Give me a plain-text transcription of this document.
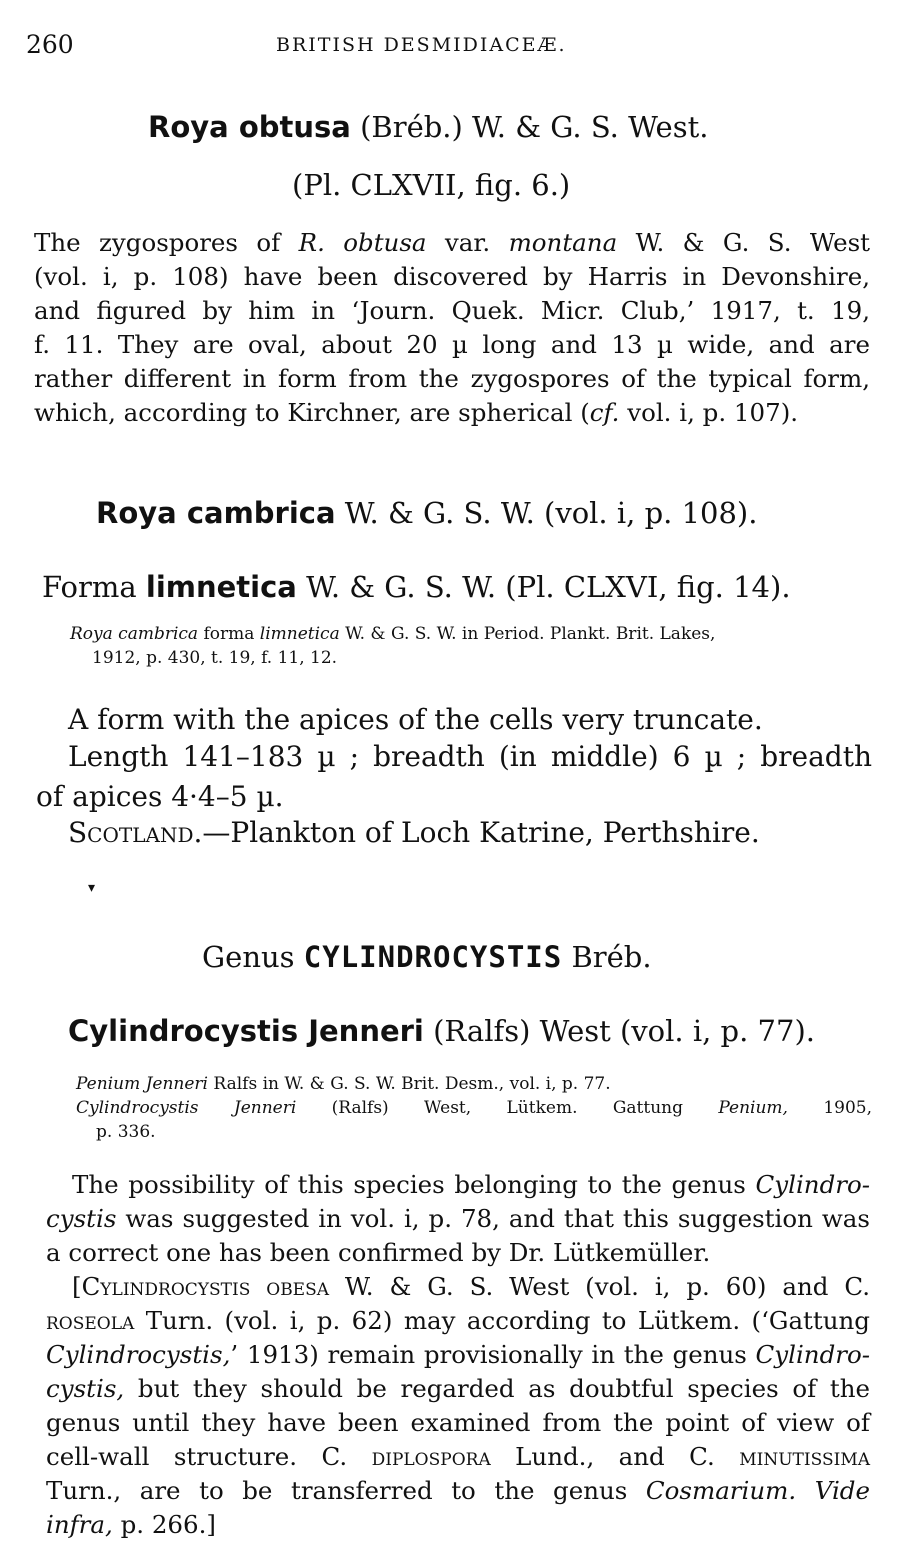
260	BRITISH DESMIDIACEÆ.
Roya obtusa (Bréb.) W. & G. S. West.
(Pl. CLXVII, fig. 6.)
The zygospores of R. obtusa var. montana W. & G. S. West
(vol. i, p. 108) have been discovered by Harris in Devonshire,
and figured by him in ‘Journ. Quek. Micr. Club,’ 1917, t. 19,
f. 11. They are oval, about 20 µ long and 13 µ wide, and are
rather different in form from the zygospores of the typical form,
which, according to Kirchner, are spherical (cf. vol. i, p. 107).
Roya cambrica W. & G. S. W. (vol. i, p. 108).
Forma limnetica W. & G. S. W. (Pl. CLXVI, fig. 14).
Roya cambrica forma limnetica W. & G. S. W. in Period. Plankt. Brit. Lakes,
1912, p. 430, t. 19, f. 11, 12.
A form with the apices of the cells very truncate.
Length 141–183 µ ; breadth (in middle) 6 µ ; breadth
of apices 4·4–5 µ.
Scotland.—Plankton of Loch Katrine, Perthshire.
▾
Genus CYLINDROCYSTIS Bréb.
Cylindrocystis Jenneri (Ralfs) West (vol. i, p. 77).
Penium Jenneri Ralfs in W. & G. S. W. Brit. Desm., vol. i, p. 77.
Cylindrocystis Jenneri (Ralfs) West, Lütkem. Gattung Penium, 1905,
p. 336.
The possibility of this species belonging to the genus Cylindro-
cystis was suggested in vol. i, p. 78, and that this suggestion was
a correct one has been confirmed by Dr. Lütkemüller.
[Cylindrocystis obesa W. & G. S. West (vol. i, p. 60) and C.
roseola Turn. (vol. i, p. 62) may according to Lütkem. (‘Gattung
Cylindrocystis,’ 1913) remain provisionally in the genus Cylindro-
cystis, but they should be regarded as doubtful species of the
genus until they have been examined from the point of view of
cell-wall structure. C. diplospora Lund., and C. minutissima
Turn., are to be transferred to the genus Cosmarium. Vide
infra, p. 266.]
